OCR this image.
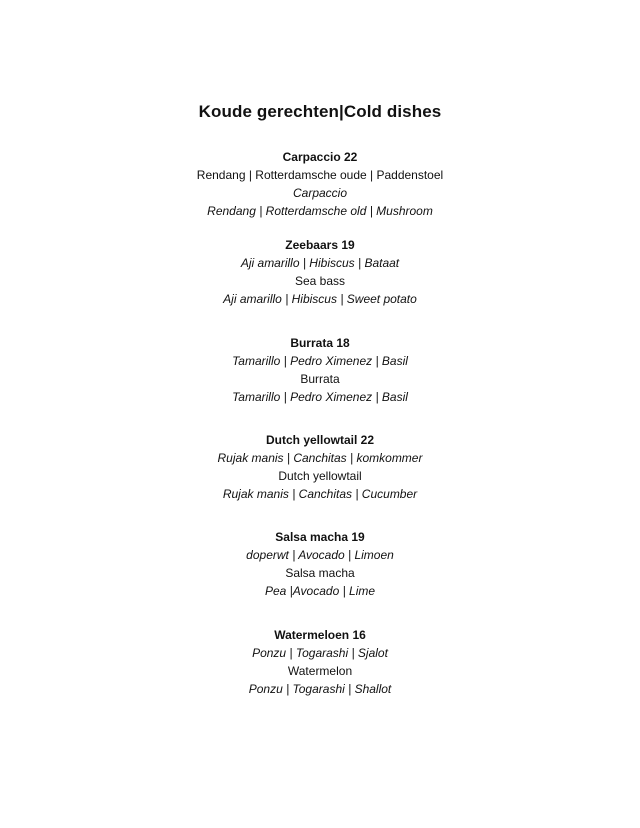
Koude gerechten|Cold dishes
Carpaccio 22
Rendang | Rotterdamsche oude | Paddenstoel
Carpaccio
Rendang | Rotterdamsche old | Mushroom
Zeebaars 19
Aji amarillo | Hibiscus | Bataat
Sea bass
Aji amarillo | Hibiscus | Sweet potato
Burrata 18
Tamarillo | Pedro Ximenez | Basil
Burrata
Tamarillo | Pedro Ximenez | Basil
Dutch yellowtail 22
Rujak manis | Canchitas | komkommer
Dutch yellowtail
Rujak manis | Canchitas | Cucumber
Salsa macha 19
doperwt | Avocado | Limoen
Salsa macha
Pea |Avocado | Lime
Watermeloen 16
Ponzu | Togarashi | Sjalot
Watermelon
Ponzu | Togarashi | Shallot
